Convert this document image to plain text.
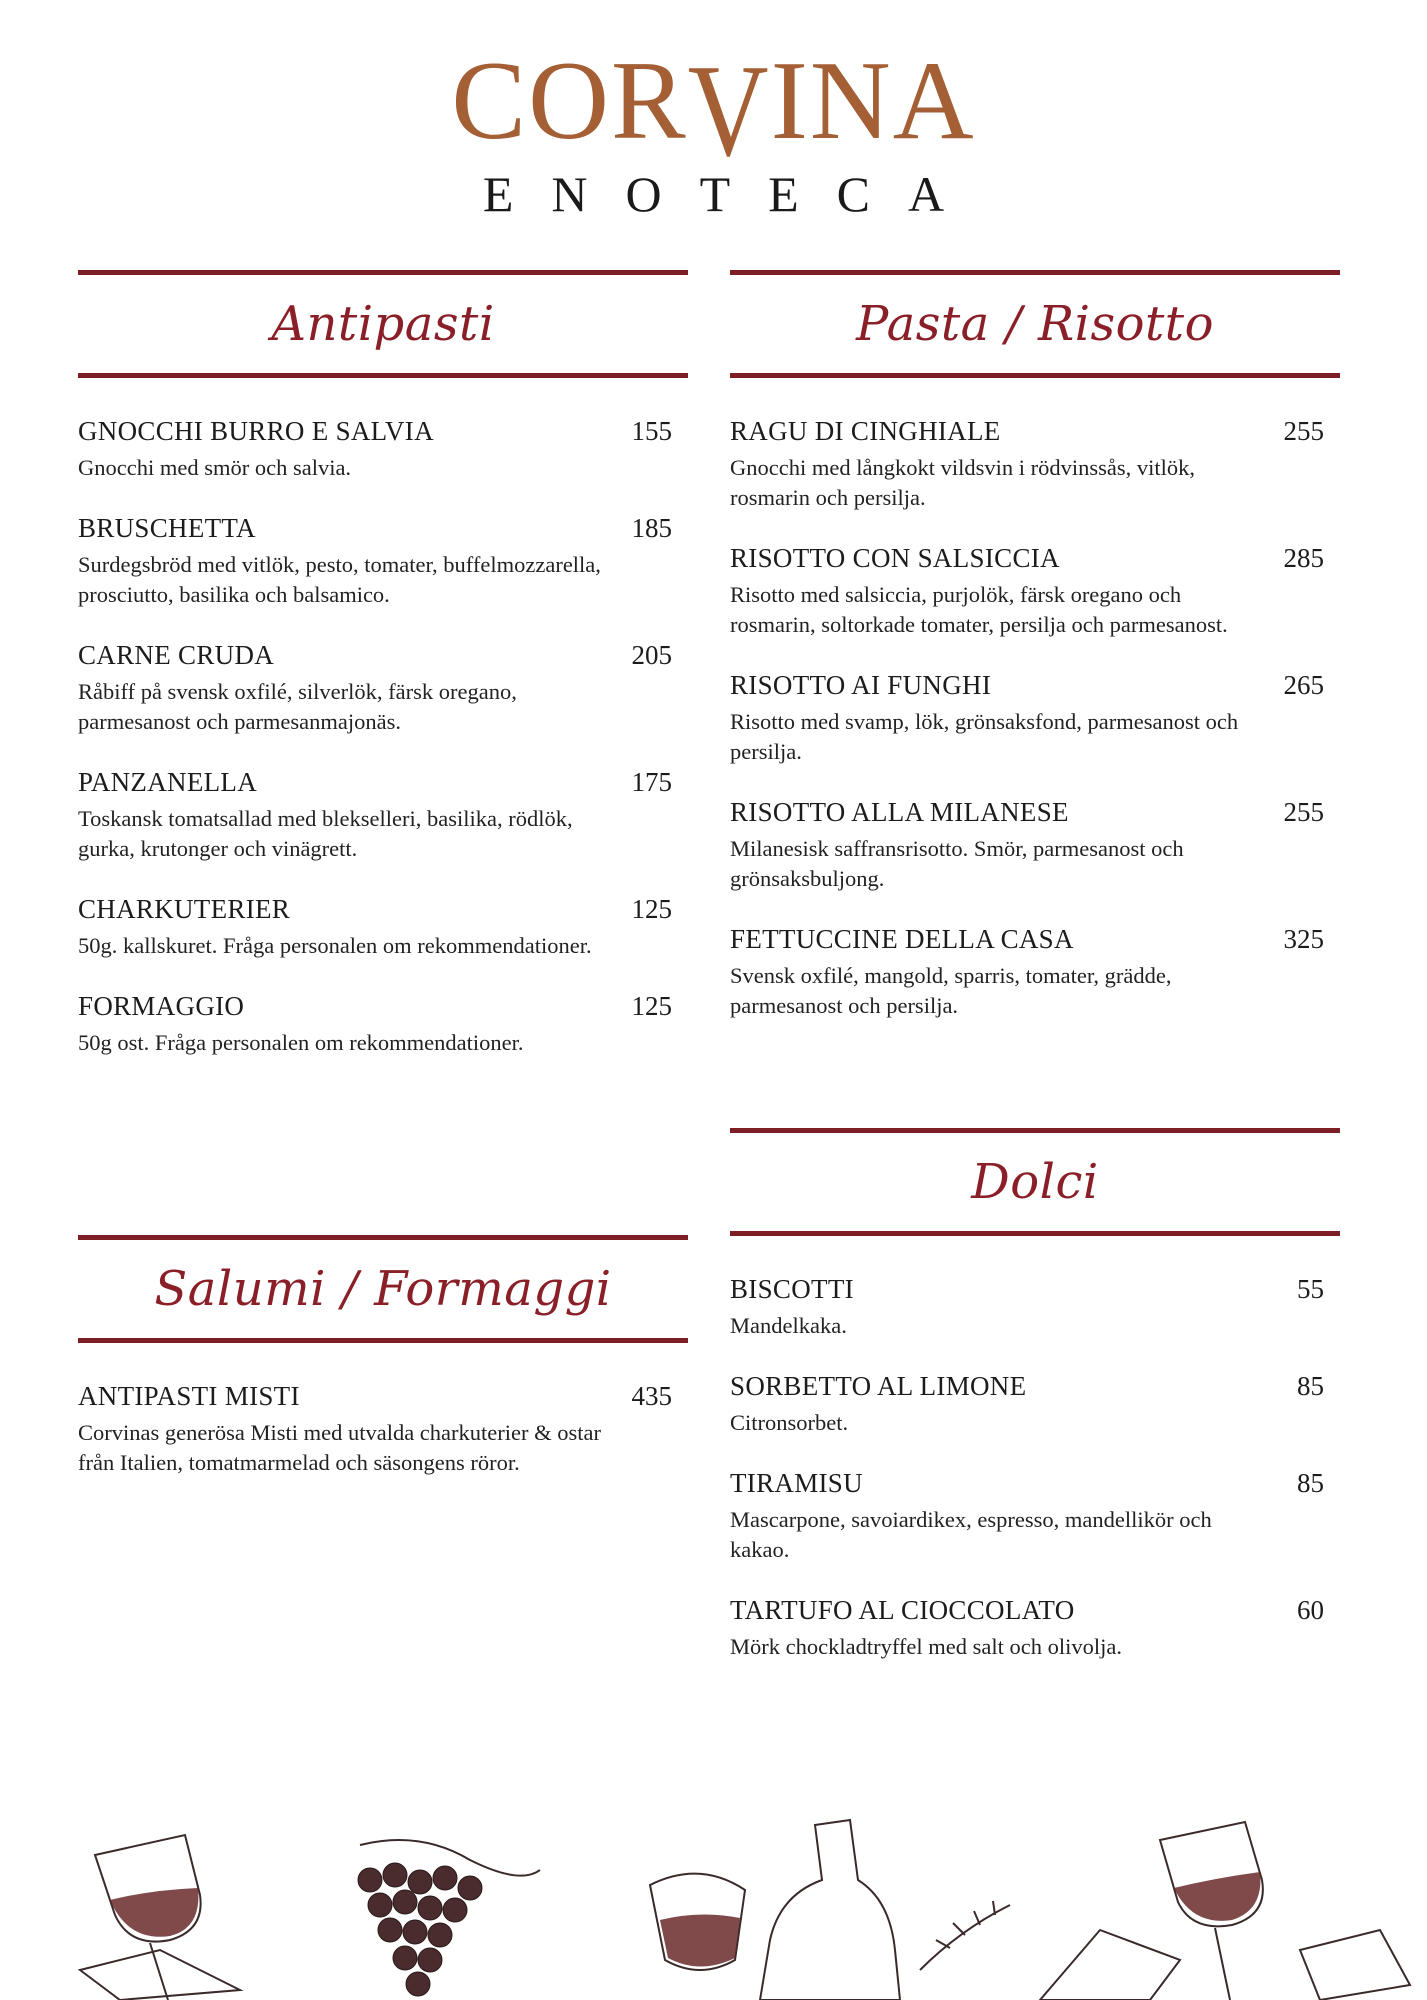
CORVINA
ENOTECA
Antipasti
GNOCCHI BURRO E SALVIA	155
Gnocchi med smör och salvia.
BRUSCHETTA	185
Surdegsbröd med vitlök, pesto, tomater, buffelmozzarella, prosciutto, basilika och balsamico.
CARNE CRUDA	205
Råbiff på svensk oxfilé, silverlök, färsk oregano, parmesanost och parmesanmajonäs.
PANZANELLA	175
Toskansk tomatsallad med blekselleri, basilika, rödlök, gurka, krutonger och vinägrett.
CHARKUTERIER	125
50g. kallskuret. Fråga personalen om rekommendationer.
FORMAGGIO	125
50g ost. Fråga personalen om rekommendationer.
Salumi / Formaggi
ANTIPASTI MISTI	435
Corvinas generösa Misti med utvalda charkuterier & ostar från Italien, tomatmarmelad och säsongens röror.
Pasta / Risotto
RAGU DI CINGHIALE	255
Gnocchi med långkokt vildsvin i rödvinssås, vitlök, rosmarin och persilja.
RISOTTO CON SALSICCIA	285
Risotto med salsiccia, purjolök, färsk oregano och rosmarin, soltorkade tomater, persilja och parmesanost.
RISOTTO AI FUNGHI	265
Risotto med svamp, lök, grönsaksfond, parmesanost och persilja.
RISOTTO ALLA MILANESE	255
Milanesisk saffransrisotto. Smör, parmesanost och grönsaksbuljong.
FETTUCCINE DELLA CASA	325
Svensk oxfilé, mangold, sparris, tomater, grädde, parmesanost och persilja.
Dolci
BISCOTTI	55
Mandelkaka.
SORBETTO AL LIMONE	85
Citronsorbet.
TIRAMISU	85
Mascarpone, savoiardikex, espresso, mandellikör och kakao.
TARTUFO AL CIOCCOLATO	60
Mörk chockladtryffel med salt och olivolja.
